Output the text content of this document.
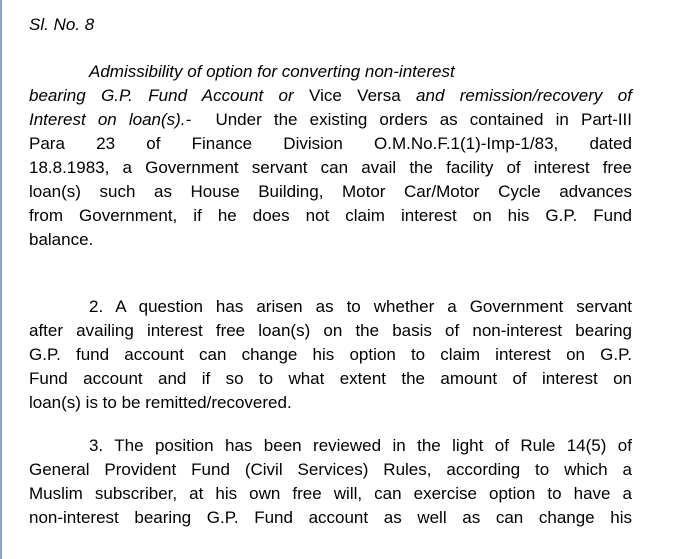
Sl. No. 8
Admissibility of option for converting non-interest
bearing G.P. Fund Account or Vice Versa and remission/recovery of
Interest on loan(s).- Under the existing orders as contained in Part-III
Para 23 of Finance Division O.M.No.F.1(1)-Imp-1/83, dated
18.8.1983, a Government servant can avail the facility of interest free
loan(s) such as House Building, Motor Car/Motor Cycle advances
from Government, if he does not claim interest on his G.P. Fund
balance.
2. A question has arisen as to whether a Government servant
after availing interest free loan(s) on the basis of non-interest bearing
G.P. fund account can change his option to claim interest on G.P.
Fund account and if so to what extent the amount of interest on
loan(s) is to be remitted/recovered.
3. The position has been reviewed in the light of Rule 14(5) of
General Provident Fund (Civil Services) Rules, according to which a
Muslim subscriber, at his own free will, can exercise option to have a
non-interest bearing G.P. Fund account as well as can change his
